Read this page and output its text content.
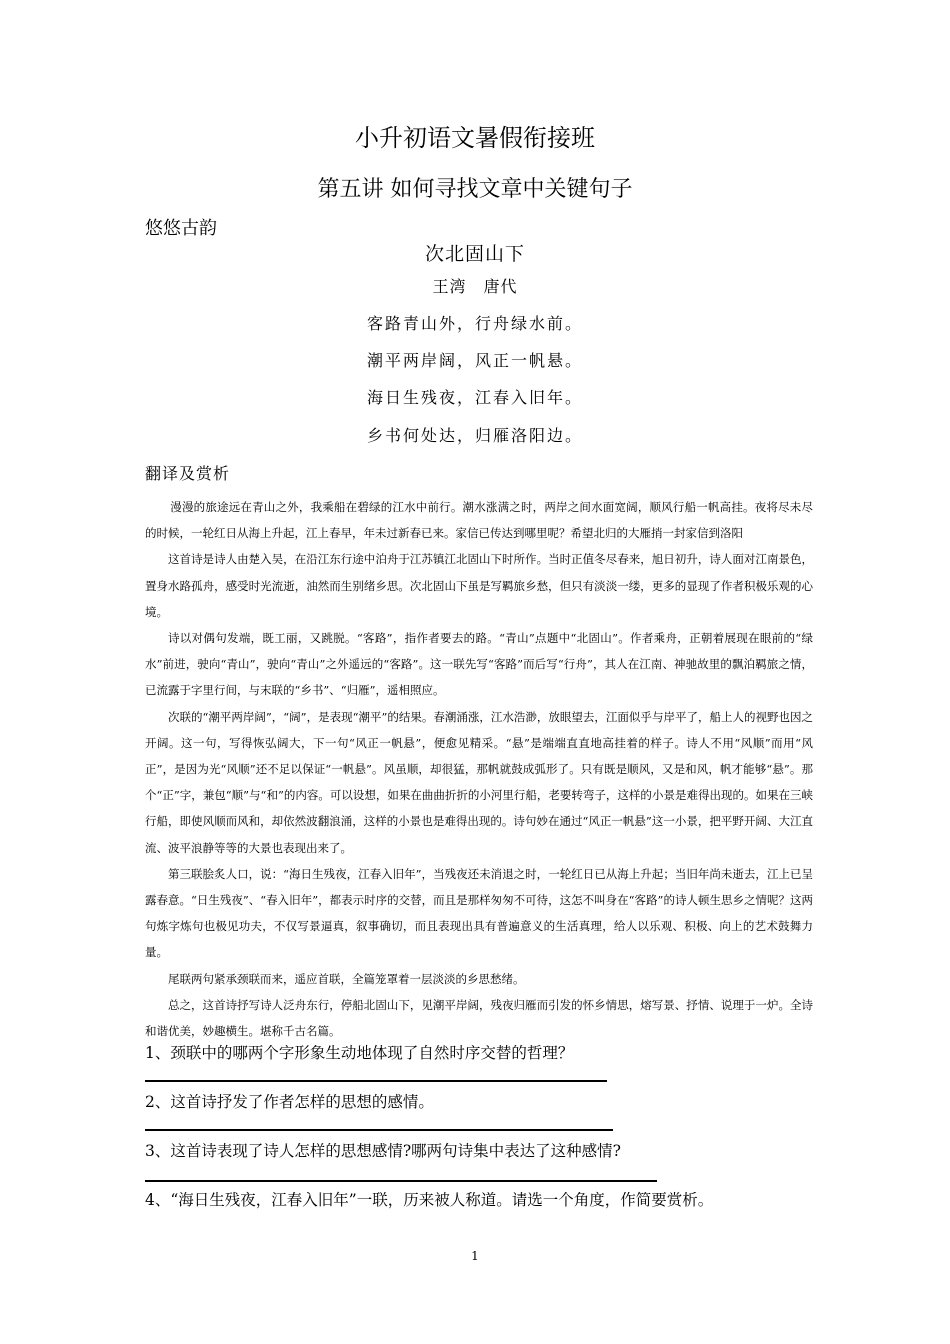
小升初语文暑假衔接班
第五讲 如何寻找文章中关键句子
悠悠古韵
次北固山下
王湾　唐代
客路青山外，行舟绿水前。
潮平两岸阔，风正一帆悬。
海日生残夜，江春入旧年。
乡书何处达，归雁洛阳边。
翻译及赏析

漫漫的旅途远在青山之外，我乘船在碧绿的江水中前行。潮水涨满之时，两岸之间水面宽阔，顺风行船一帆高挂。夜将尽未尽的时候，一轮红日从海上升起，江上春早，年未过新春已来。家信已传达到哪里呢？希望北归的大雁捎一封家信到洛阳

这首诗是诗人由楚入吴，在沿江东行途中泊舟于江苏镇江北固山下时所作。当时正值冬尽春来，旭日初升，诗人面对江南景色，置身水路孤舟，感受时光流逝，油然而生别绪乡思。次北固山下虽是写羁旅乡愁，但只有淡淡一缕，更多的显现了作者积极乐观的心境。

诗以对偶句发端，既工丽，又跳脱。“客路”，指作者要去的路。“青山”点题中“北固山”。作者乘舟，正朝着展现在眼前的“绿水”前进，驶向“青山”，驶向“青山”之外遥远的“客路”。这一联先写“客路”而后写“行舟”，其人在江南、神驰故里的飘泊羁旅之情，已流露于字里行间，与末联的“乡书”、“归雁”，遥相照应。

次联的“潮平两岸阔”，“阔”，是表现“潮平”的结果。春潮涌涨，江水浩渺，放眼望去，江面似乎与岸平了，船上人的视野也因之开阔。这一句，写得恢弘阔大，下一句“风正一帆悬”，便愈见精采。“悬”是端端直直地高挂着的样子。诗人不用“风顺”而用“风正”，是因为光“风顺”还不足以保证“一帆悬”。风虽顺，却很猛，那帆就鼓成弧形了。只有既是顺风，又是和风，帆才能够“悬”。那个“正”字，兼包“顺”与“和”的内容。可以设想，如果在曲曲折折的小河里行船，老要转弯子，这样的小景是难得出现的。如果在三峡行船，即使风顺而风和，却依然波翻浪涌，这样的小景也是难得出现的。诗句妙在通过“风正一帆悬”这一小景，把平野开阔、大江直流、波平浪静等等的大景也表现出来了。

第三联脍炙人口，说：“海日生残夜，江春入旧年”，当残夜还未消退之时，一轮红日已从海上升起；当旧年尚未逝去，江上已呈露春意。“日生残夜”、“春入旧年”，都表示时序的交替，而且是那样匆匆不可待，这怎不叫身在“客路”的诗人顿生思乡之情呢？这两句炼字炼句也极见功夫，不仅写景逼真，叙事确切，而且表现出具有普遍意义的生活真理，给人以乐观、积极、向上的艺术鼓舞力量。

尾联两句紧承颈联而来，遥应首联，全篇笼罩着一层淡淡的乡思愁绪。

总之，这首诗抒写诗人泛舟东行，停船北固山下，见潮平岸阔，残夜归雁而引发的怀乡情思，熔写景、抒情、说理于一炉。全诗和谐优美，妙趣横生。堪称千古名篇。

1、颈联中的哪两个字形象生动地体现了自然时序交替的哲理？
2、这首诗抒发了作者怎样的思想的感情。
3、这首诗表现了诗人怎样的思想感情?哪两句诗集中表达了这种感情?
4、“海日生残夜，江春入旧年”一联，历来被人称道。请选一个角度，作简要赏析。
1
